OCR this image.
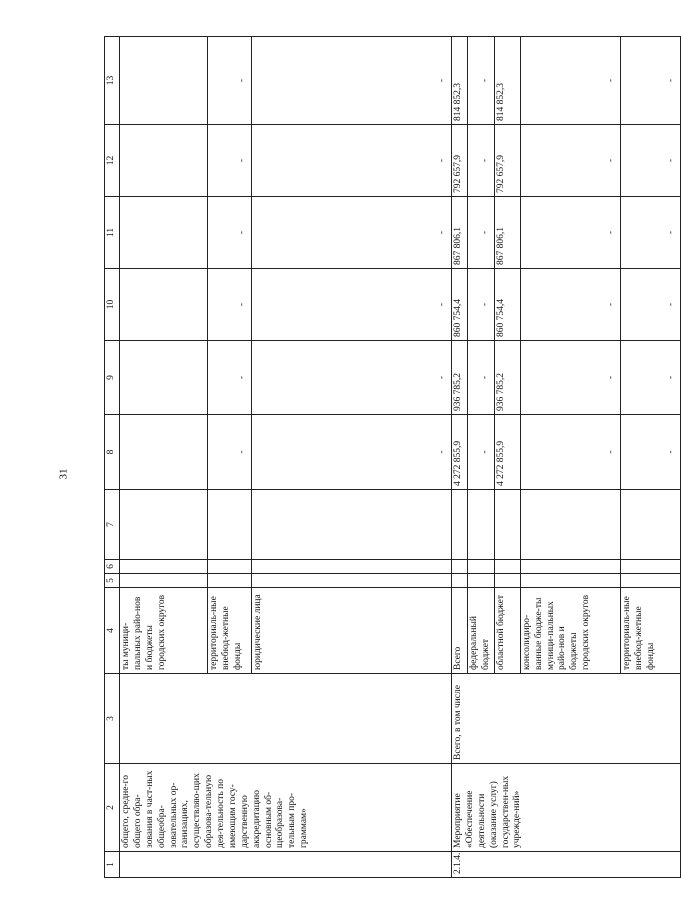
31
1	2	3	4	5	6	7	8	9	10	11	12	13
	общего, средне-го общего обра-зования в част-ных общеобра-зовательных ор-ганизациях, осуществляю-щих образова-тельную дея-тельность по имеющим госу-дарственную аккредитацию основным об-щеобразова-тельным про-граммам»		ты муници-пальных райо-нов и бюджеты городских округов									
			территориаль-ные внебюд-жетные фонды				-	-	-	-	-	-
			юридические лица				-	-	-	-	-	-
2.1.4.	Мероприятие «Обеспечение деятельности (оказание услуг) государствен-ных учрежде-ний»	Всего, в том числе	Всего				4 272 855,9	936 785,2	860 754,4	867 806,1	792 657,9	814 852,3
			федеральный бюджет				-	-	-	-	-	-
			областной бюджет				4 272 855,9	936 785,2	860 754,4	867 806,1	792 657,9	814 852,3
			консолидиро-ванные бюдже-ты муници-пальных райо-нов и бюджеты городских округов				-	-	-	-	-	-
			территориаль-ные внебюд-жетные фонды				-	-	-	-	-	-
